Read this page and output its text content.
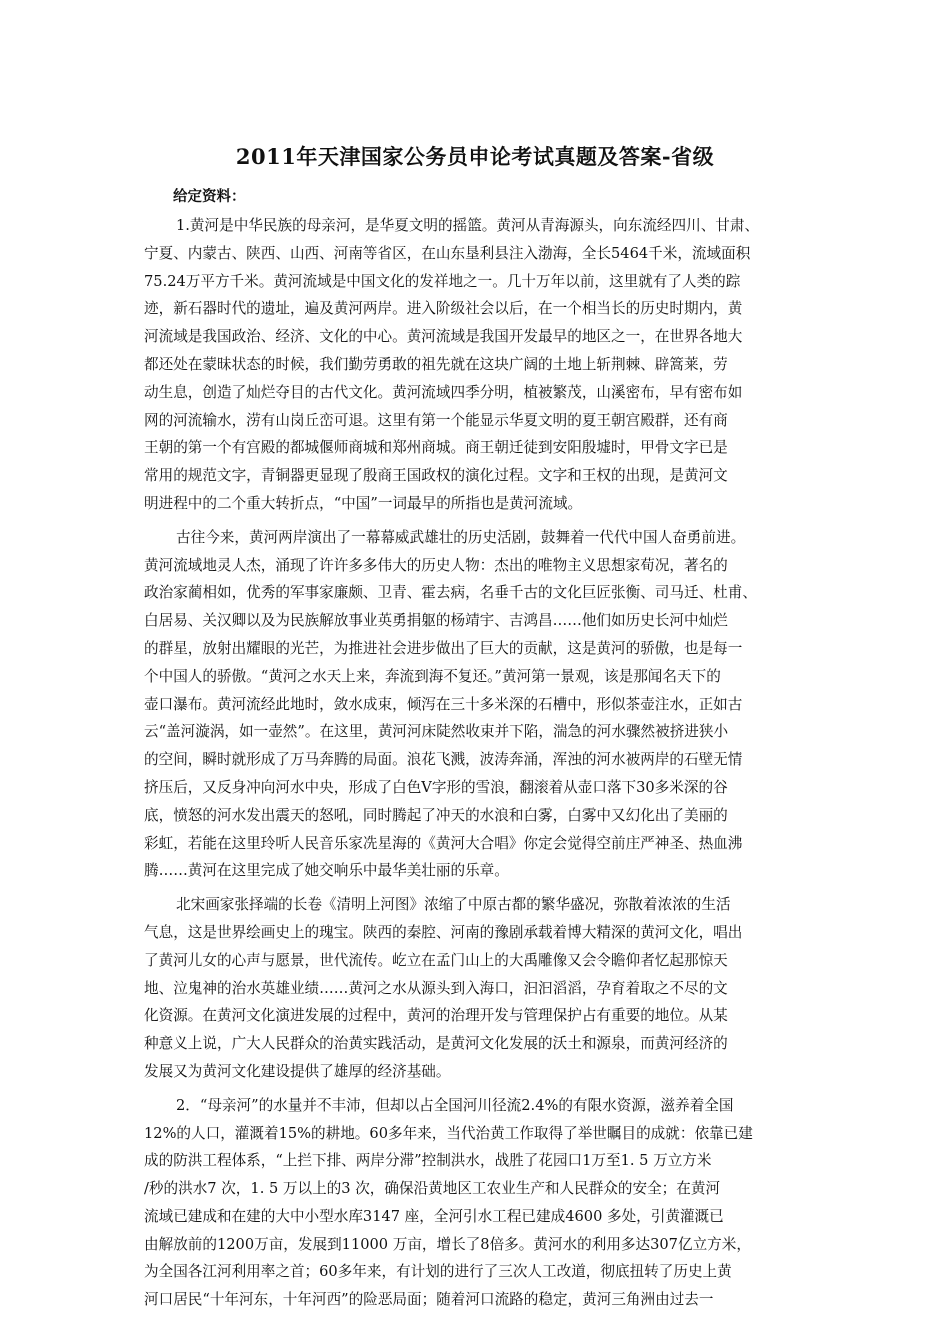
2011年天津国家公务员申论考试真题及答案-省级
给定资料：
1.黄河是中华民族的母亲河，是华夏文明的摇篮。黄河从青海源头，向东流经四川、甘肃、
宁夏、内蒙古、陕西、山西、河南等省区，在山东垦利县注入渤海，全长5464千米，流域面积
75.24万平方千米。黄河流域是中国文化的发祥地之一。几十万年以前，这里就有了人类的踪
迹，新石器时代的遗址，遍及黄河两岸。进入阶级社会以后，在一个相当长的历史时期内，黄
河流域是我国政治、经济、文化的中心。黄河流域是我国开发最早的地区之一，在世界各地大
都还处在蒙昧状态的时候，我们勤劳勇敢的祖先就在这块广阔的土地上斩荆棘、辟篙莱，劳
动生息，创造了灿烂夺目的古代文化。黄河流域四季分明，植被繁茂，山溪密布，早有密布如
网的河流输水，涝有山岗丘峦可退。这里有第一个能显示华夏文明的夏王朝宫殿群，还有商
王朝的第一个有宫殿的都城偃师商城和郑州商城。商王朝迁徒到安阳殷墟时，甲骨文字已是
常用的规范文字，青铜器更显现了殷商王国政权的演化过程。文字和王权的出现，是黄河文
明进程中的二个重大转折点，“中国”一词最早的所指也是黄河流域。
古往今来，黄河两岸演出了一幕幕威武雄壮的历史活剧，鼓舞着一代代中国人奋勇前进。
黄河流域地灵人杰，涌现了许许多多伟大的历史人物：杰出的唯物主义思想家荀况，著名的
政治家蔺相如，优秀的军事家廉颇、卫青、霍去病，名垂千古的文化巨匠张衡、司马迁、杜甫、
白居易、关汉卿以及为民族解放事业英勇捐躯的杨靖宇、吉鸿昌……他们如历史长河中灿烂
的群星，放射出耀眼的光芒，为推进社会进步做出了巨大的贡献，这是黄河的骄傲，也是每一
个中国人的骄傲。“黄河之水天上来，奔流到海不复还。”黄河第一景观，该是那闻名天下的
壶口瀑布。黄河流经此地时，敛水成束，倾泻在三十多米深的石槽中，形似茶壶注水，正如古
云“盖河漩涡，如一壶然”。在这里，黄河河床陡然收束并下陷，湍急的河水骤然被挤进狭小
的空间，瞬时就形成了万马奔腾的局面。浪花飞溅，波涛奔涌，浑浊的河水被两岸的石壁无情
挤压后，又反身冲向河水中央，形成了白色Ⅴ字形的雪浪，翻滚着从壶口落下30多米深的谷
底，愤怒的河水发出震天的怒吼，同时腾起了冲天的水浪和白雾，白雾中又幻化出了美丽的
彩虹，若能在这里玲听人民音乐家冼星海的《黄河大合唱》你定会觉得空前庄严神圣、热血沸
腾……黄河在这里完成了她交响乐中最华美壮丽的乐章。
北宋画家张择端的长卷《清明上河图》浓缩了中原古都的繁华盛况，弥散着浓浓的生活
气息，这是世界绘画史上的瑰宝。陕西的秦腔、河南的豫剧承载着博大精深的黄河文化，唱出
了黄河儿女的心声与愿景，世代流传。屹立在孟门山上的大禹雕像又会令瞻仰者忆起那惊天
地、泣鬼神的治水英雄业绩……黄河之水从源头到入海口，汩汩滔滔，孕育着取之不尽的文
化资源。在黄河文化演进发展的过程中，黄河的治理开发与管理保护占有重要的地位。从某
种意义上说，广大人民群众的治黄实践活动，是黄河文化发展的沃土和源泉，而黄河经济的
发展又为黄河文化建设提供了雄厚的经济基础。
2．“母亲河”的水量并不丰沛，但却以占全国河川径流2.4%的有限水资源，滋养着全国
12%的人口，灌溉着15%的耕地。60多年来，当代治黄工作取得了举世瞩目的成就：依靠已建
成的防洪工程体系，“上拦下排、两岸分滞”控制洪水，战胜了花园口1万至1. 5 万立方米
/秒的洪水7 次，1. 5 万以上的3 次，确保沿黄地区工农业生产和人民群众的安全；在黄河
流域已建成和在建的大中小型水库3147 座，全河引水工程已建成4600 多处，引黄灌溉已
由解放前的1200万亩，发展到11000 万亩，增长了8倍多。黄河水的利用多达307亿立方米，
为全国各江河利用率之首；60多年来，有计划的进行了三次人工改道，彻底扭转了历史上黄
河口居民“十年河东，十年河西”的险恶局面；随着河口流路的稳定，黄河三角洲由过去一
